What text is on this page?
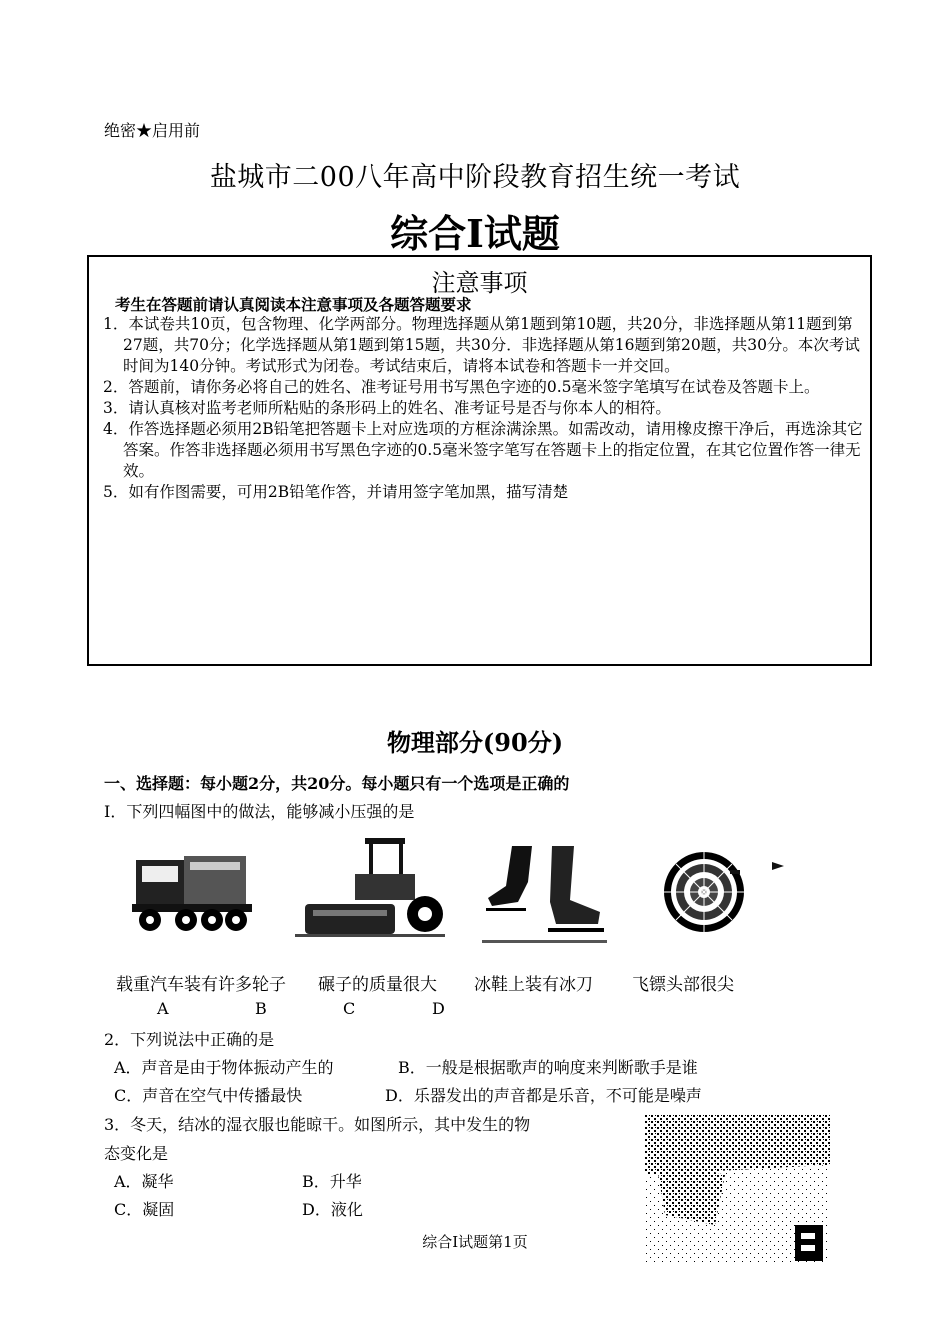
绝密★启用前
盐城市二00八年高中阶段教育招生统一考试
综合Ⅰ试题
注意事项
考生在答题前请认真阅读本注意事项及各题答题要求

1．本试卷共10页，包含物理、化学两部分。物理选择题从第1题到第10题，共20分，非选择题从第11题到第27题，共70分；化学选择题从第1题到第15题，共30分．非选择题从第16题到第20题，共30分。本次考试时间为140分钟。考试形式为闭卷。考试结束后，请将本试卷和答题卡一并交回。

2．答题前，请你务必将自己的姓名、准考证号用书写黑色字迹的0.5毫米签字笔填写在试卷及答题卡上。

3．请认真核对监考老师所粘贴的条形码上的姓名、准考证号是否与你本人的相符。

4．作答选择题必须用2B铅笔把答题卡上对应选项的方框涂满涂黑。如需改动，请用橡皮擦干净后，再选涂其它答案。作答非选择题必须用书写黑色字迹的0.5毫米签字笔写在答题卡上的指定位置，在其它位置作答一律无效。

5．如有作图需要，可用2B铅笔作答，并请用签字笔加黑，描写清楚

物理部分(90分)
一、选择题：每小题2分，共20分。每小题只有一个选项是正确的
I．下列四幅图中的做法，能够减小压强的是
载重汽车装有许多轮子 碾子的质量很大 冰鞋上装有冰刀 飞镖头部很尖
A	B	C	D
2．下列说法中正确的是
A．声音是由于物体振动产生的	B．一般是根据歌声的响度来判断歌手是谁
C．声音在空气中传播最快	D．乐器发出的声音都是乐音，不可能是噪声
3．冬天，结冰的湿衣服也能晾干。如图所示，其中发生的物
态变化是
A．凝华	B．升华
C．凝固	D．液化
综合Ⅰ试题第1页
